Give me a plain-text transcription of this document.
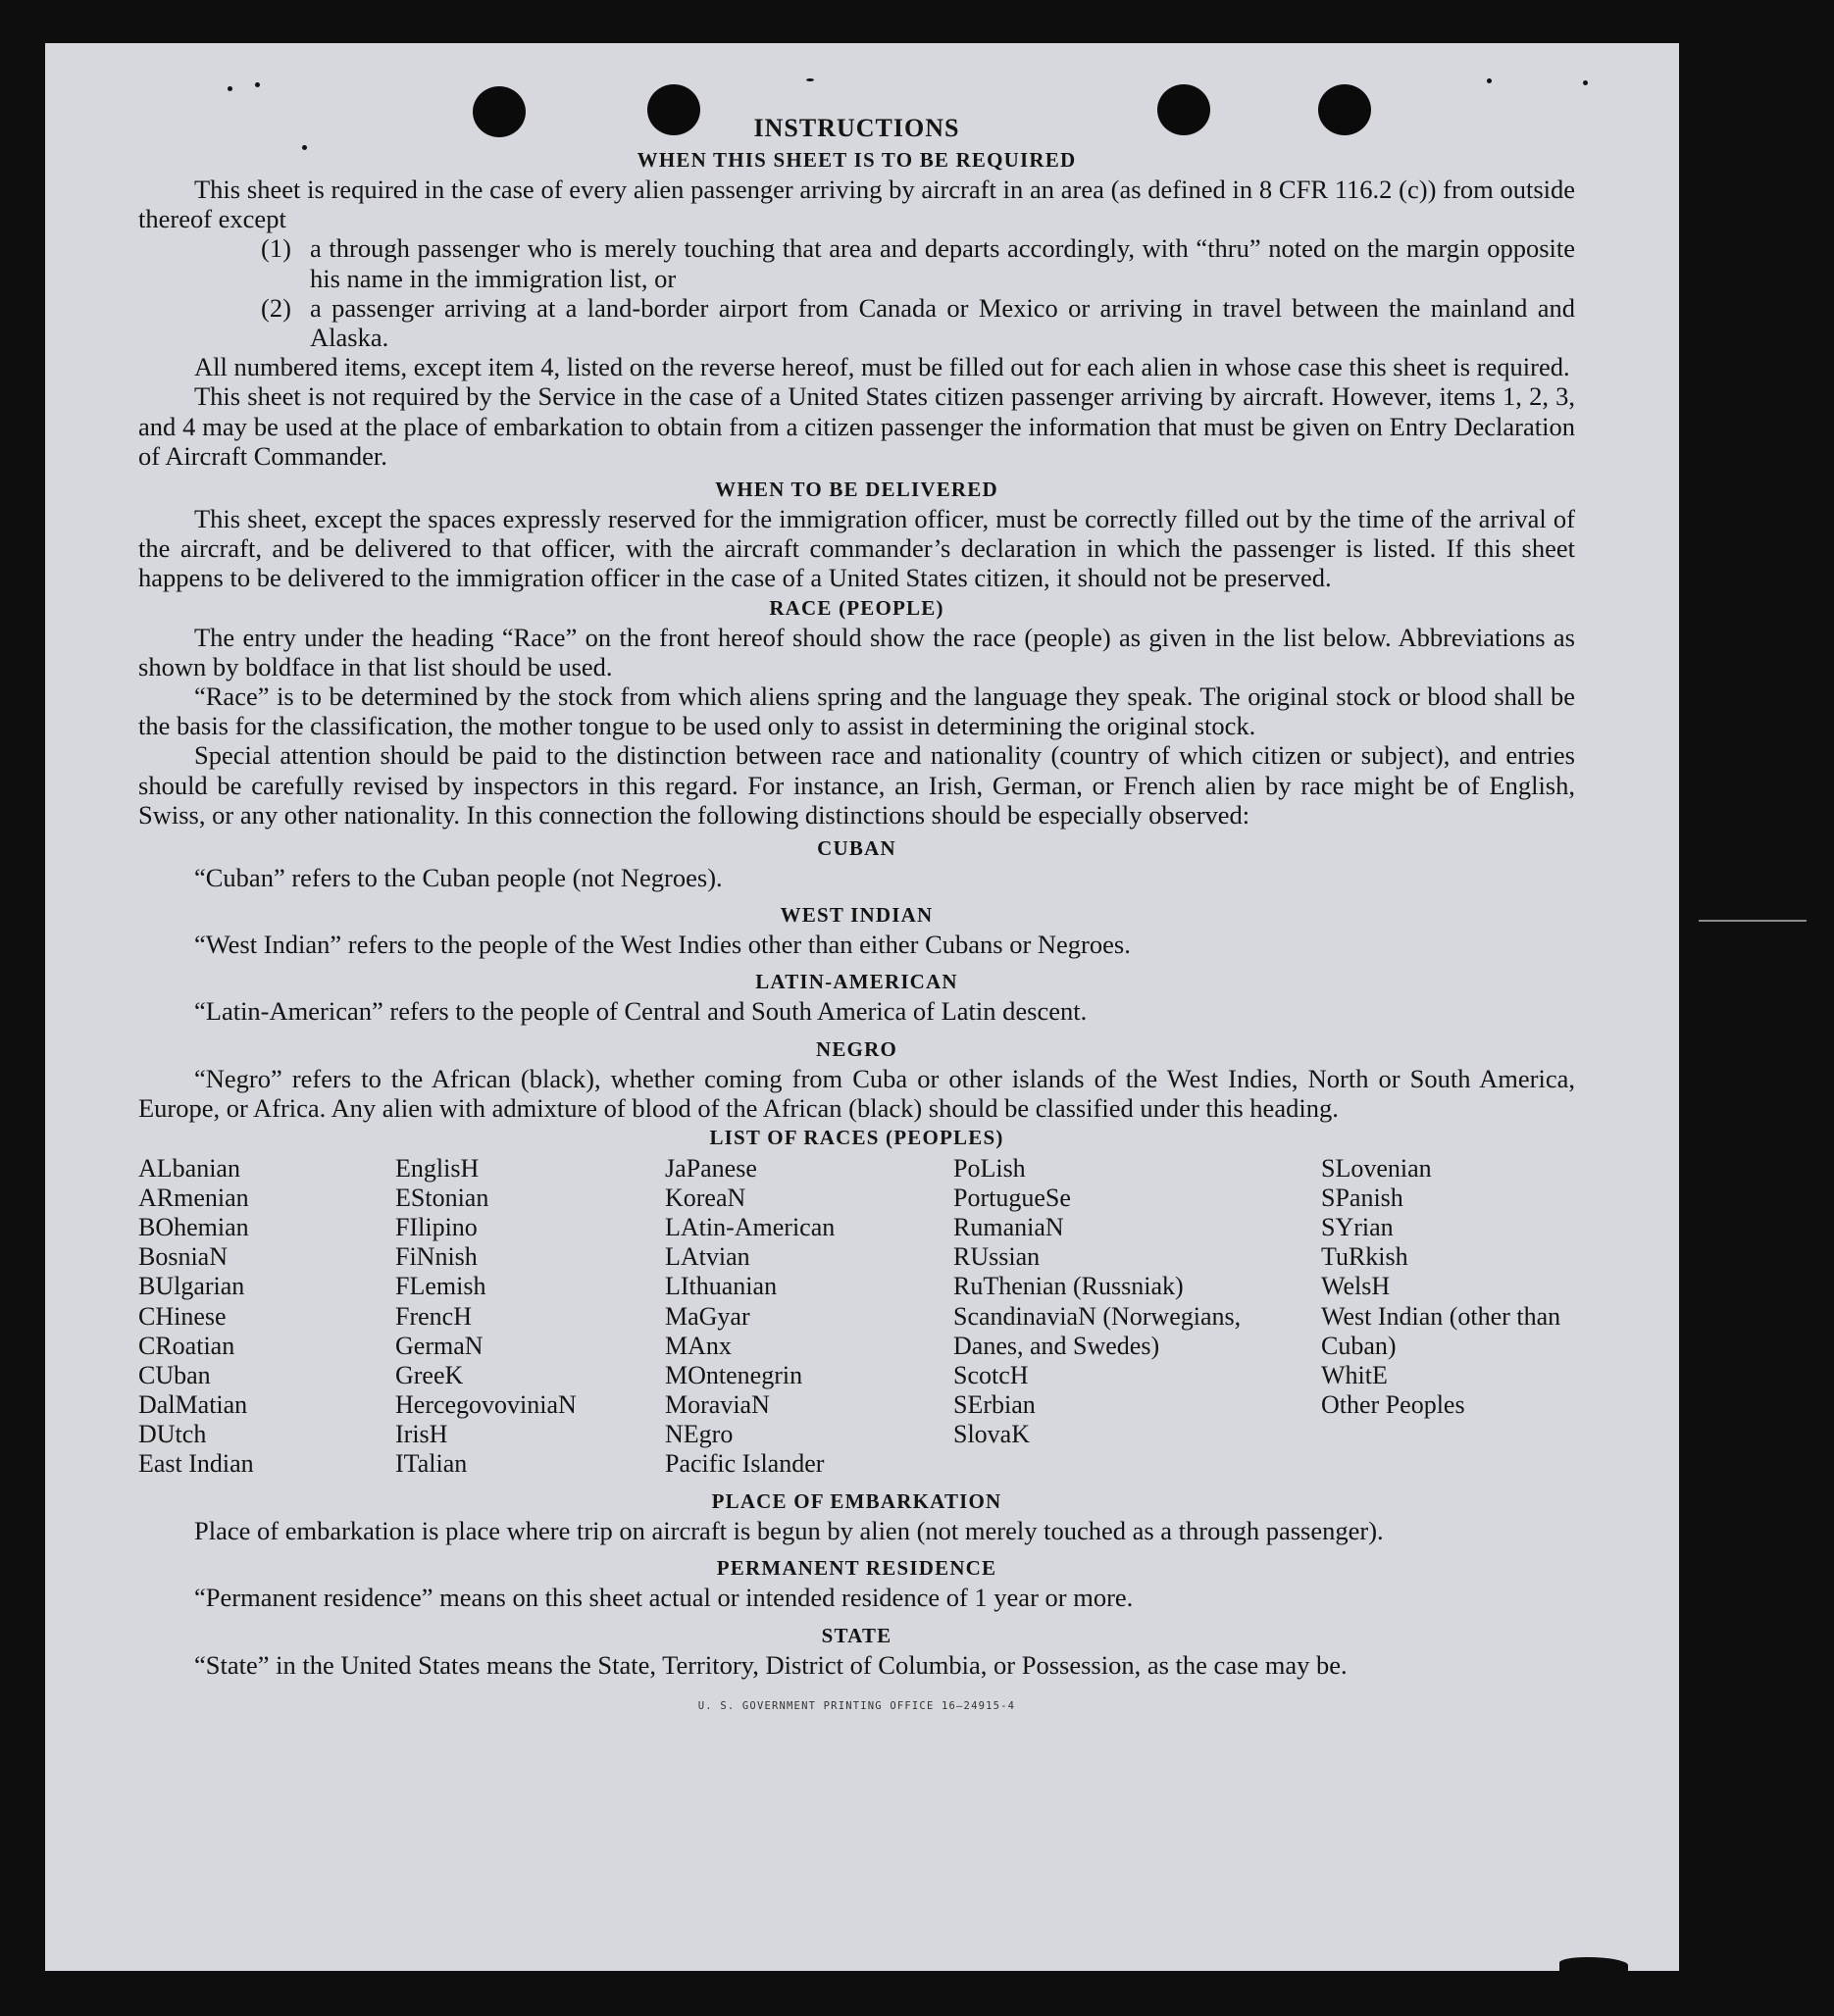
INSTRUCTIONS
WHEN THIS SHEET IS TO BE REQUIRED

This sheet is required in the case of every alien passenger arriving by aircraft in an area (as defined in 8 CFR 116.2 (c)) from outside thereof except

(1) a through passenger who is merely touching that area and departs accordingly, with “thru” noted on the margin opposite his name in the immigration list, or
(2) a passenger arriving at a land-border airport from Canada or Mexico or arriving in travel between the mainland and Alaska.

All numbered items, except item 4, listed on the reverse hereof, must be filled out for each alien in whose case this sheet is required.

This sheet is not required by the Service in the case of a United States citizen passenger arriving by aircraft. However, items 1, 2, 3, and 4 may be used at the place of embarkation to obtain from a citizen passenger the information that must be given on Entry Declaration of Aircraft Commander.

WHEN TO BE DELIVERED

This sheet, except the spaces expressly reserved for the immigration officer, must be correctly filled out by the time of the arrival of the aircraft, and be delivered to that officer, with the aircraft commander’s declaration in which the passenger is listed. If this sheet happens to be delivered to the immigration officer in the case of a United States citizen, it should not be preserved.

RACE (PEOPLE)

The entry under the heading “Race” on the front hereof should show the race (people) as given in the list below. Abbreviations as shown by boldface in that list should be used.

“Race” is to be determined by the stock from which aliens spring and the language they speak. The original stock or blood shall be the basis for the classification, the mother tongue to be used only to assist in determining the original stock.

Special attention should be paid to the distinction between race and nationality (country of which citizen or subject), and entries should be carefully revised by inspectors in this regard. For instance, an Irish, German, or French alien by race might be of English, Swiss, or any other nationality. In this connection the following distinctions should be especially observed:

CUBAN

“Cuban” refers to the Cuban people (not Negroes).

WEST INDIAN

“West Indian” refers to the people of the West Indies other than either Cubans or Negroes.

LATIN-AMERICAN

“Latin-American” refers to the people of Central and South America of Latin descent.

NEGRO

“Negro” refers to the African (black), whether coming from Cuba or other islands of the West Indies, North or South America, Europe, or Africa. Any alien with admixture of blood of the African (black) should be classified under this heading.

LIST OF RACES (PEOPLES)
ALbanian
ARmenian
BOhemian
BosniaN
BUlgarian
CHinese
CRoatian
CUban
DalMatian
DUtch
East Indian
EnglisH
EStonian
FIlipino
FiNnish
FLemish
FrencH
GermaN
GreeK
HercegovoviniaN
IrisH
ITalian
JaPanese
KoreaN
LAtin-American
LAtvian
LIthuanian
MaGyar
MAnx
MOntenegrin
MoraviaN
NEgro
Pacific Islander
PoLish
PortugueSe
RumaniaN
RUssian
RuThenian (Russniak)
ScandinaviaN (Norwegians, Danes, and Swedes)
ScotcH
SErbian
SlovaK
SLovenian
SPanish
SYrian
TuRkish
WelsH
West Indian (other than Cuban)
WhitE
Other Peoples
PLACE OF EMBARKATION

Place of embarkation is place where trip on aircraft is begun by alien (not merely touched as a through passenger).

PERMANENT RESIDENCE

“Permanent residence” means on this sheet actual or intended residence of 1 year or more.

STATE

“State” in the United States means the State, Territory, District of Columbia, or Possession, as the case may be.

U. S. GOVERNMENT PRINTING OFFICE 16—24915-4
